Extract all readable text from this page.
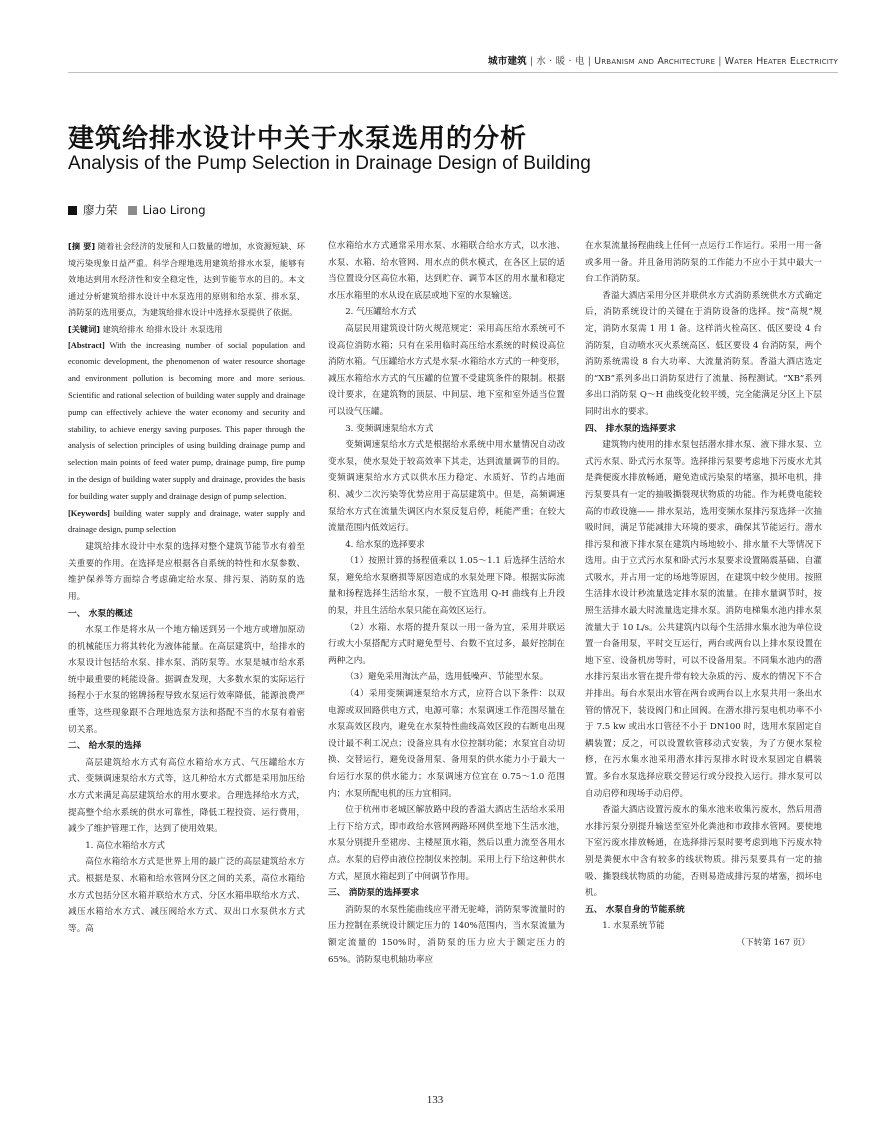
城市建筑 | 水 · 暖 · 电 | Urbanism and Architecture | Water Heater Electricity
建筑给排水设计中关于水泵选用的分析
Analysis of the Pump Selection in Drainage Design of Building
廖力荣 Liao Lirong

[摘 要] 随着社会经济的发展和人口数量的增加，水资源短缺、环境污染现象日益严重。科学合理地选用建筑给排水水泵，能够有效地达到用水经济性和安全稳定性，达到节能节水的目的。本文通过分析建筑给排水设计中水泵选用的原则和给水泵、排水泵、消防泵的选用要点，为建筑给排水设计中选择水泵提供了依据。

[关键词] 建筑给排水 给排水设计 水泵选用

[Abstract] With the increasing number of social population and economic development, the phenomenon of water resource shortage and environment pollution is becoming more and more serious. Scientific and rational selection of building water supply and drainage pump can effectively achieve the water economy and security and stability, to achieve energy saving purposes. This paper through the analysis of selection principles of using building drainage pump and selection main points of feed water pump, drainage pump, fire pump in the design of building water supply and drainage, provides the basis for building water supply and drainage design of pump selection.

[Keywords] building water supply and drainage, water supply and drainage design, pump selection

建筑给排水设计中水泵的选择对整个建筑节能节水有着至关重要的作用。在选择是应根据各自系统的特性和水泵参数、维护保养等方面综合考虑确定给水泵、排污泵、消防泵的选用。

一、 水泵的概述

水泵工作是将水从一个地方输送到另一个地方或增加原动的机械能压力将其转化为液体能量。在高层建筑中，给排水的水泵设计包括给水泵、排水泵、消防泵等。水泵是城市给水系统中最重要的耗能设备。据调查发现，大多数水泵的实际运行扬程小于水泵的铭牌扬程导致水泵运行效率降低，能源浪费严重等，这些现象跟不合理地选泵方法和搭配不当的水泵有着密切关系。

二、 给水泵的选择

高层建筑给水方式有高位水箱给水方式、气压罐给水方式、变频调速泵给水方式等，这几种给水方式都是采用加压给水方式来满足高层建筑给水的用水要求。合理选择给水方式，提高整个给水系统的供水可靠性，降低工程投资、运行费用，减少了维护管理工作，达到了使用效果。

1. 高位水箱给水方式

高位水箱给水方式是世界上用的最广泛的高层建筑给水方式。根据是泵、水箱和给水管网分区之间的关系，高位水箱给水方式包括分区水箱并联给水方式、分区水箱串联给水方式、减压水箱给水方式、减压阀给水方式、双出口水泵供水方式等。高

位水箱给水方式通常采用水泵、水箱联合给水方式，以水池、水泵、水箱、给水管网、用水点的供水模式，在各区上层的适当位置设分区高位水箱，达到贮存、调节本区的用水量和稳定水压水箱里的水从设在底层或地下室的水泵输送。

2. 气压罐给水方式

高层民用建筑设计防火规范规定：采用高压给水系统可不设高位消防水箱；只有在采用临时高压给水系统的时候设高位消防水箱。气压罐给水方式是水泵-水箱给水方式的一种变形，减压水箱给水方式的气压罐的位置不受建筑条件的限制。根据设计要求，在建筑物的顶层、中间层、地下室和室外适当位置可以设气压罐。

3. 变频调速泵给水方式

变频调速泵给水方式是根据给水系统中用水量情况自动改变水泵，使水泵处于较高效率下其走，达到流量调节的目的。变频调速泵给水方式以供水压力稳定、水质好、节约占地面积、减少二次污染等优势应用于高层建筑中。但是，高频调速泵给水方式在流量失调区内水泵反复启停，耗能严重；在较大流量范围内低效运行。

4. 给水泵的选择要求

（1）按照计算的扬程值乘以 1.05～1.1 后选择生活给水泵，避免给水泵磨损等原因造成的水泵处理下降。根据实际流量和扬程选择生活给水泵，一般不宜选用 Q-H 曲线有上升段的泵，并且生活给水泵只能在高效区运行。

（2）水箱、水塔的提升泵以一用一备为宜，采用并联运行或大小泵搭配方式时避免型号、台数不宜过多，最好控制在两种之内。

（3）避免采用淘汰产品，选用低噪声、节能型水泵。

（4）采用变频调速泵给水方式，应符合以下条件：以双电源或双回路供电方式，电源可靠；水泵调速工作范围尽量在水泵高效区段内，避免在水泵特性曲线高效区段的右断电出现设计最不利工况点；设备应具有水位控制功能；水泵宜自动切换、交替运行，避免设备用泵、备用泵的供水能力小于最大一台运行水泵的供水能力；水泵调速方位宜在 0.75～1.0 范围内；水泵所配电机的压力宜相同。

位于杭州市老城区解放路中段的香溢大酒店生活给水采用上行下给方式，即市政给水管网两路环网供至地下生活水池，水泵分别提升至裙房、主楼屋顶水箱，然后以重力流至各用水点。水泵的启停由液位控制仪来控制。采用上行下给这种供水方式，屋顶水箱起到了中间调节作用。

三、 消防泵的选择要求

消防泵的水泵性能曲线应平滑无驼峰，消防泵零流量时的压力控制在系统设计额定压力的 140%范围内，当水泵流量为额定流量的 150%时，消防泵的压力应大于额定压力的 65%。消防泵电机轴功率应

在水泵流量扬程曲线上任何一点运行工作运行。采用一用一备或多用一备。并且备用消防泵的工作能力不应小于其中最大一台工作消防泵。

香溢大酒店采用分区并联供水方式消防系统供水方式确定后，消防系统设计的关键在于消防设备的选择。按“高规”规定，消防水泵需 1 用 1 备。这样消火栓高区、低区要设 4 台消防泵，自动喷水灭火系统高区、低区要设 4 台消防泵，两个消防系统需设 8 台大功率、大流量消防泵。香溢大酒店选定的“XB”系列多出口消防泵进行了流量、扬程测试。“XB”系列多出口消防泵 Q～H 曲线变化较平缓，完全能满足分区上下层同时出水的要求。

四、 排水泵的选择要求

建筑物内使用的排水泵包括潜水排水泵、液下排水泵、立式污水泵、卧式污水泵等。选择排污泵要考虑地下污废水尤其是粪便废水排放畅通，避免造成污染泵的堵塞，损坏电机，排污泵要具有一定的抽吸撕裂现状物质的功能。作为耗费电能较高的市政设施—— 排水泵站，选用变频水泵排污泵选择一次抽吸时间，满足节能减排大环境的要求，确保其节能运行。潜水排污泵和液下排水泵在建筑内场地较小、排水量不大等情况下选用。由于立式污水泵和卧式污水泵要求设置隔震基础、自灌式吸水，并占用一定的场地等原因，在建筑中较少使用。按照生活排水设计秒流量选定排水泵的流量。在排水量调节时，按照生活排水最大时流量选定排水泵。消防电梯集水池内排水泵流量大于 10 L/s。公共建筑内以每个生活排水集水池为单位设置一台备用泵，平时交互运行，两台或两台以上排水泵设置在地下室、设备机房等时，可以不设备用泵。不同集水池内的潜水排污泵出水管在提升带有较大杂质的污、废水的情况下不合并排出。每台水泵出水管在两台或两台以上水泵共用一条出水管的情况下，装设阀门和止回阀。在潜水排污泵电机功率不小于 7.5 kw 或出水口管径不小于 DN100 时，选用水泵固定自耦装置；反之，可以设置软管移动式安装，为了方便水泵检修，在污水集水池采用潜水排污泵排水时设水泵固定自耦装置。多台水泵选择应联交替运行或分段投入运行。排水泵可以自动启停和现场手动启停。

香溢大酒店设置污废水的集水池来收集污废水，然后用潜水排污泵分别提升输送至室外化粪池和市政排水管网。要使地下室污废水排放畅通，在选择排污泵时要考虑到地下污废水特别是粪便水中含有较多的线状物质。排污泵要具有一定的抽吸、撕裂线状物质的功能，否则易造成排污泵的堵塞，损坏电机。

五、 水泵自身的节能系统

1. 水泵系统节能

（下转第 167 页）

133
